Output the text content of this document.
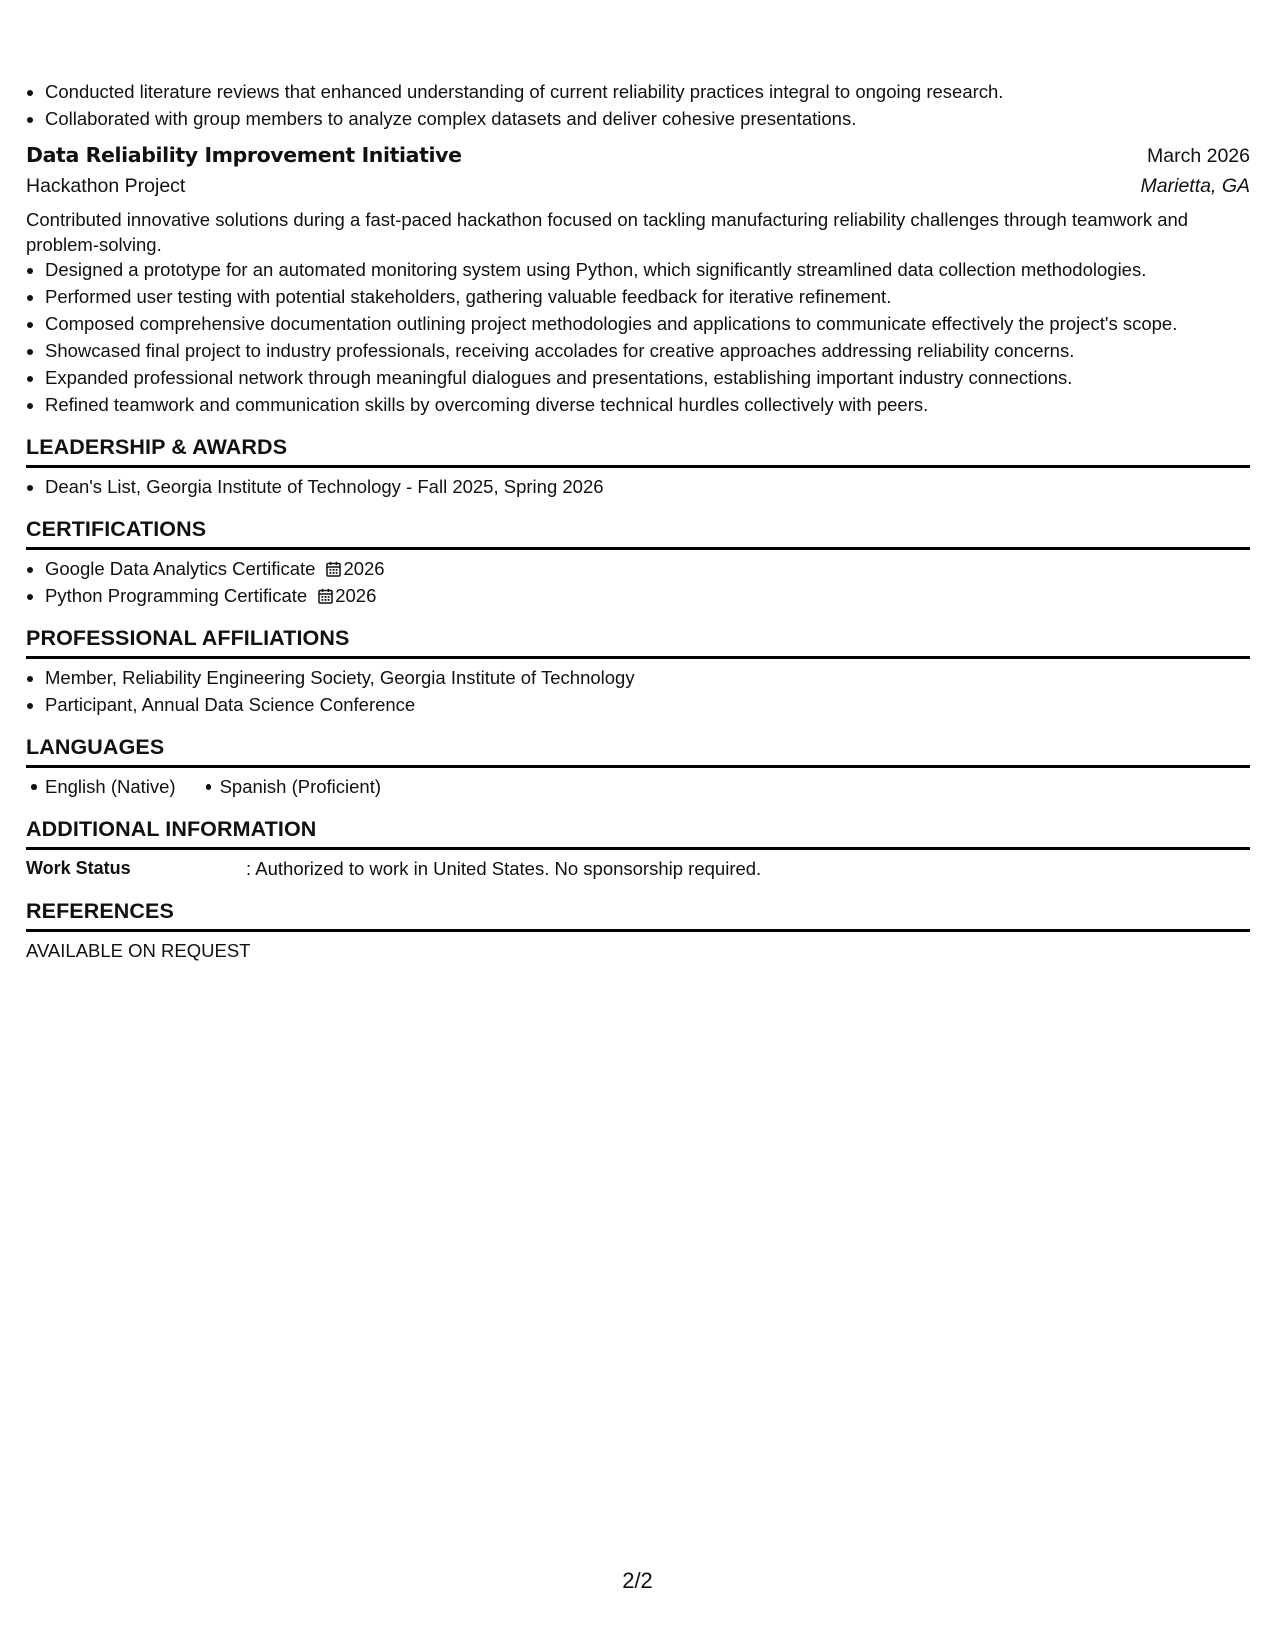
• Conducted literature reviews that enhanced understanding of current reliability practices integral to ongoing research.
• Collaborated with group members to analyze complex datasets and deliver cohesive presentations.
Data Reliability Improvement Initiative	March 2026
Hackathon Project	Marietta, GA

Contributed innovative solutions during a fast-paced hackathon focused on tackling manufacturing reliability challenges through teamwork and problem-solving.

• Designed a prototype for an automated monitoring system using Python, which significantly streamlined data collection methodologies.
• Performed user testing with potential stakeholders, gathering valuable feedback for iterative refinement.
• Composed comprehensive documentation outlining project methodologies and applications to communicate effectively the project's scope.
• Showcased final project to industry professionals, receiving accolades for creative approaches addressing reliability concerns.
• Expanded professional network through meaningful dialogues and presentations, establishing important industry connections.
• Refined teamwork and communication skills by overcoming diverse technical hurdles collectively with peers.
LEADERSHIP & AWARDS
• Dean's List, Georgia Institute of Technology - Fall 2025, Spring 2026
CERTIFICATIONS
• Google Data Analytics Certificate 2026
• Python Programming Certificate 2026
PROFESSIONAL AFFILIATIONS
• Member, Reliability Engineering Society, Georgia Institute of Technology
• Participant, Annual Data Science Conference
LANGUAGES
English (Native) Spanish (Proficient)
ADDITIONAL INFORMATION
Work Status	: Authorized to work in United States. No sponsorship required.
REFERENCES
AVAILABLE ON REQUEST
2/2
